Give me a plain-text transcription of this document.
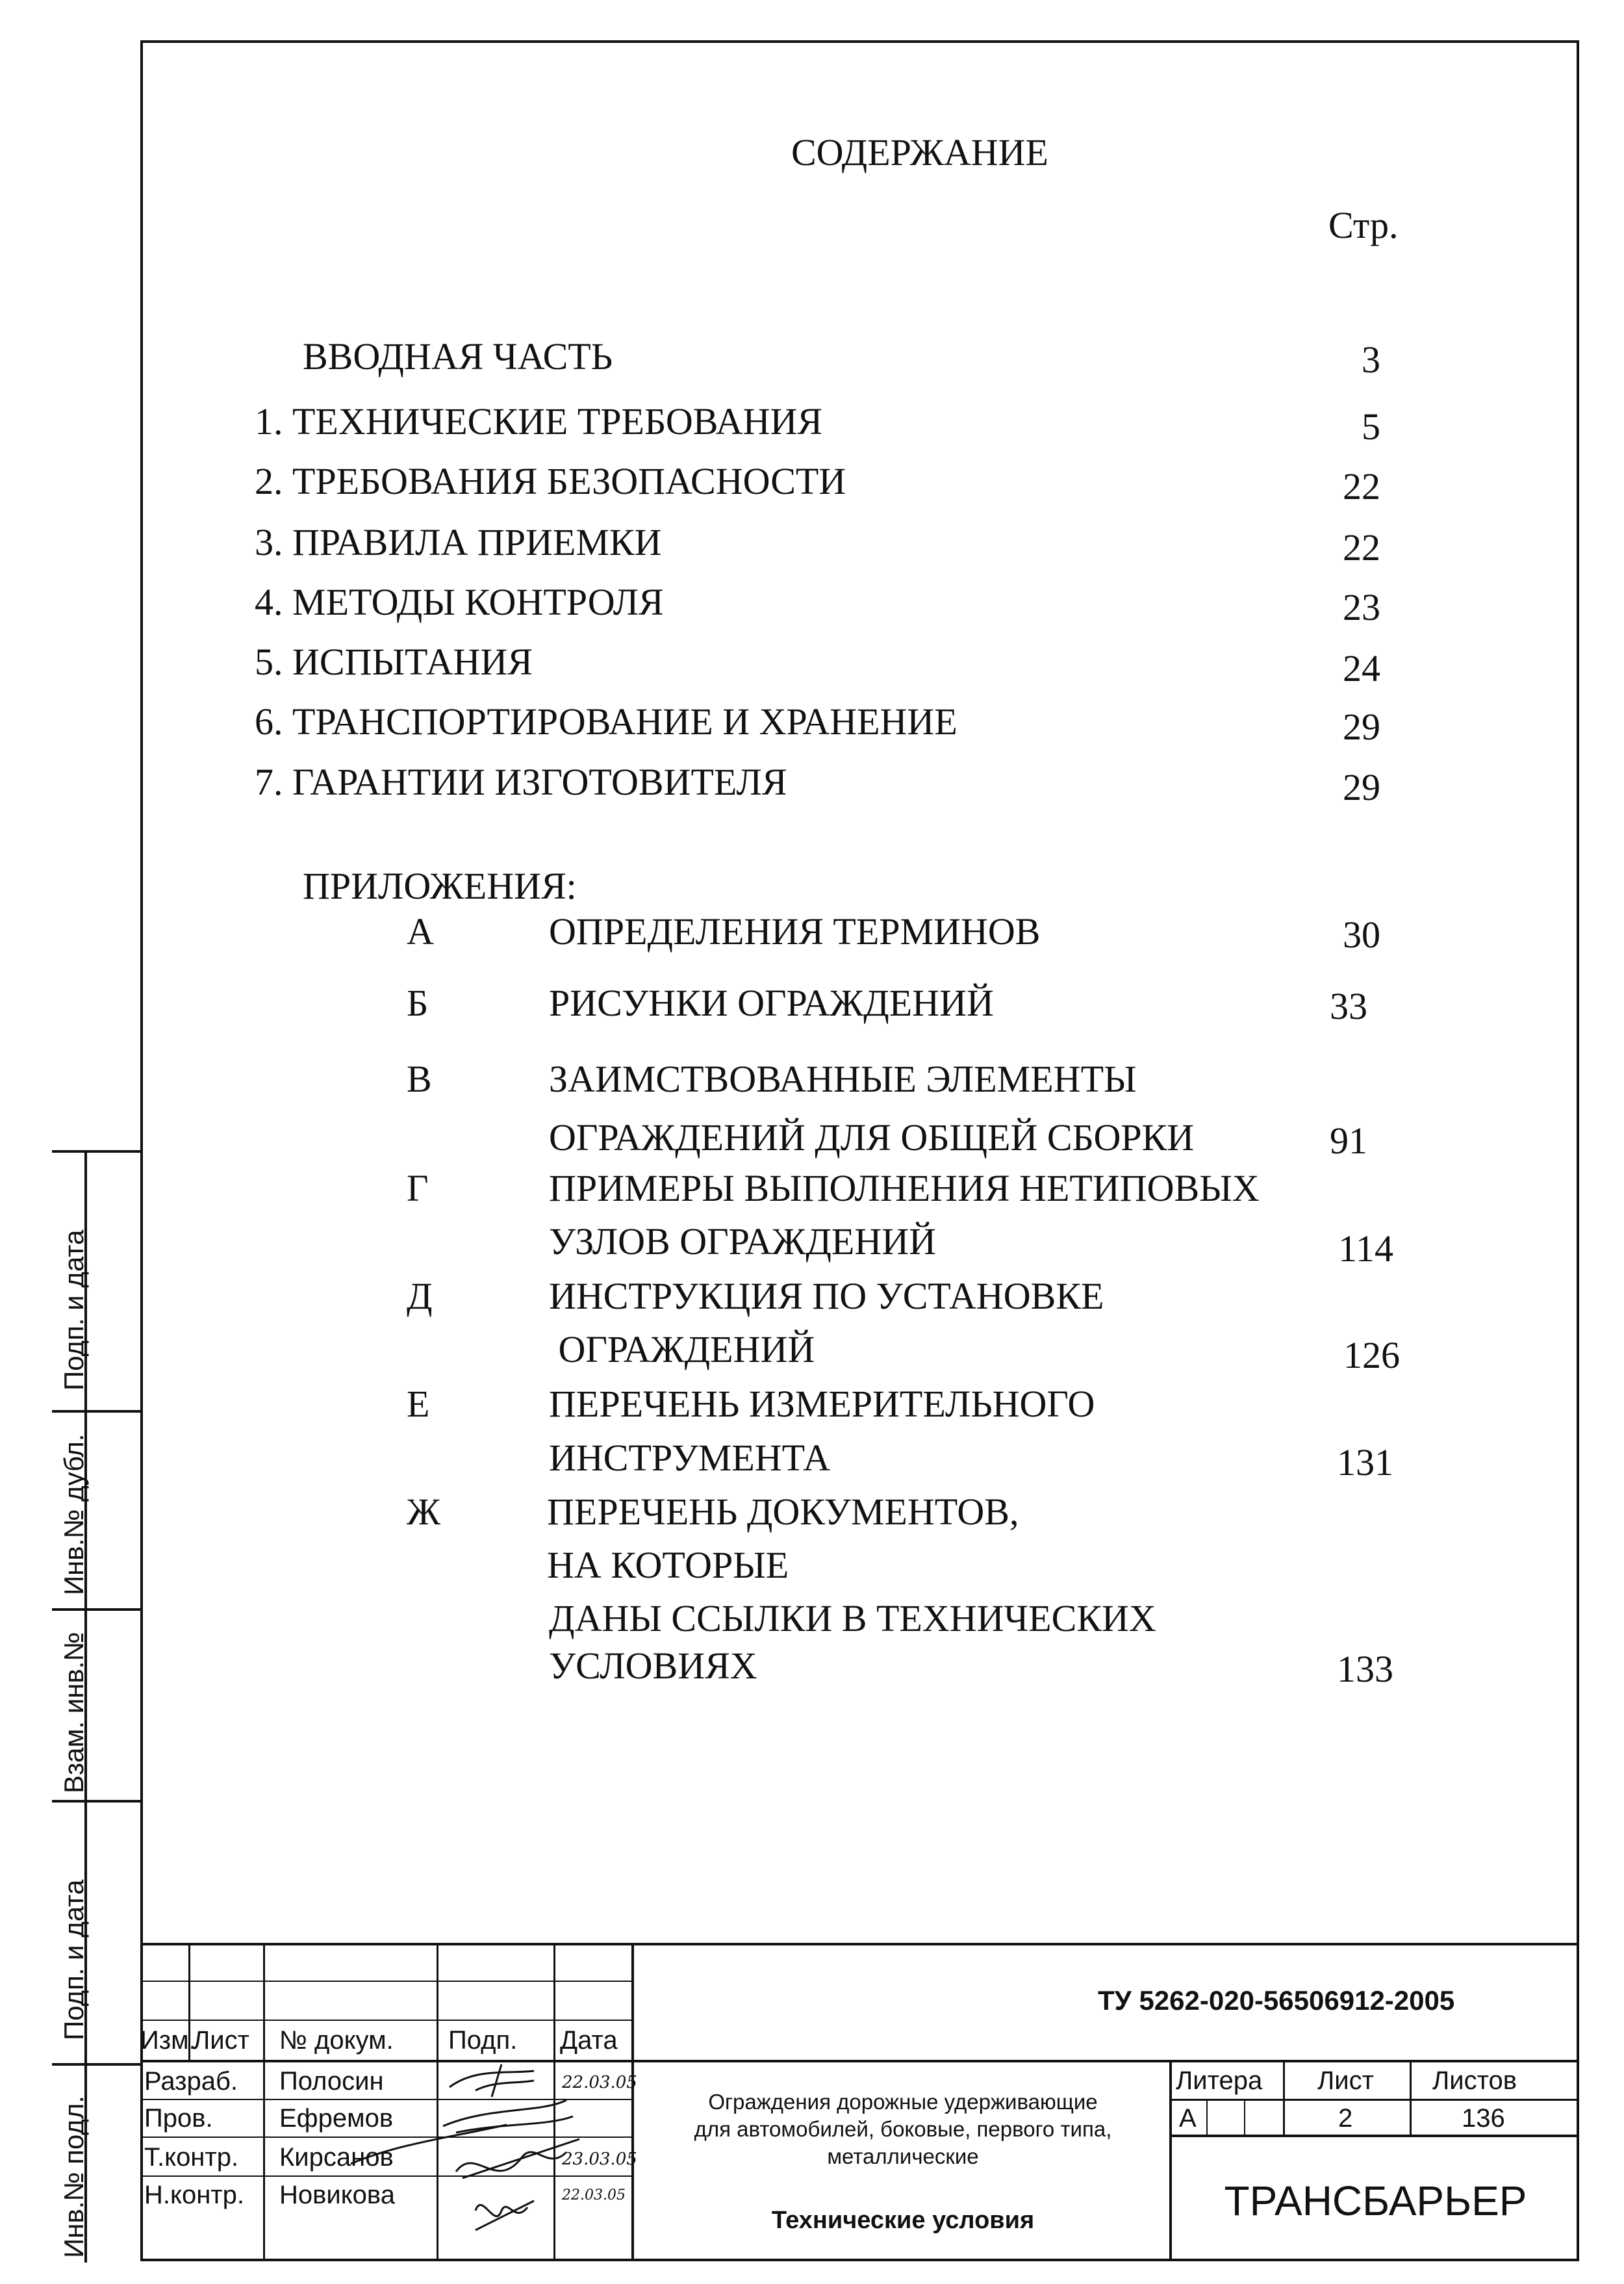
СОДЕРЖАНИЕ
Стр.
ВВОДНАЯ ЧАСТЬ	3
1. ТЕХНИЧЕСКИЕ ТРЕБОВАНИЯ	5
2. ТРЕБОВАНИЯ БЕЗОПАСНОСТИ	22
3. ПРАВИЛА ПРИЕМКИ	22
4. МЕТОДЫ КОНТРОЛЯ	23
5. ИСПЫТАНИЯ	24
6. ТРАНСПОРТИРОВАНИЕ И ХРАНЕНИЕ	29
7. ГАРАНТИИ ИЗГОТОВИТЕЛЯ	29
ПРИЛОЖЕНИЯ:
А	ОПРЕДЕЛЕНИЯ ТЕРМИНОВ	30
Б	РИСУНКИ ОГРАЖДЕНИЙ	33
В	ЗАИМСТВОВАННЫЕ ЭЛЕМЕНТЫ
ОГРАЖДЕНИЙ ДЛЯ ОБЩЕЙ СБОРКИ	91
Г	ПРИМЕРЫ ВЫПОЛНЕНИЯ НЕТИПОВЫХ
УЗЛОВ ОГРАЖДЕНИЙ	114
Д	ИНСТРУКЦИЯ ПО УСТАНОВКЕ
ОГРАЖДЕНИЙ	126
Е	ПЕРЕЧЕНЬ ИЗМЕРИТЕЛЬНОГО
ИНСТРУМЕНТА	131
Ж	ПЕРЕЧЕНЬ ДОКУМЕНТОВ,
НА КОТОРЫЕ
ДАНЫ ССЫЛКИ В ТЕХНИЧЕСКИХ
УСЛОВИЯХ	133
Подп. и дата
Взам. инв.№
Инв.№ дубл.
Подп. и дата
Инв.№ подл.
ТУ 5262-020-56506912-2005
Изм.
Лист № докум. Подп. Дата
Разраб. Полосин	22.03.05
Пров.	Ефремов
Т.контр. Кирсанов	23.03.05
Н.контр. Новикова	22.03.05
Ограждения дорожные удерживающие
для автомобилей, боковые, первого типа,
металлические
Технические условия
Литера Лист Листов
А	2	136
ТРАНСБАРЬЕР
